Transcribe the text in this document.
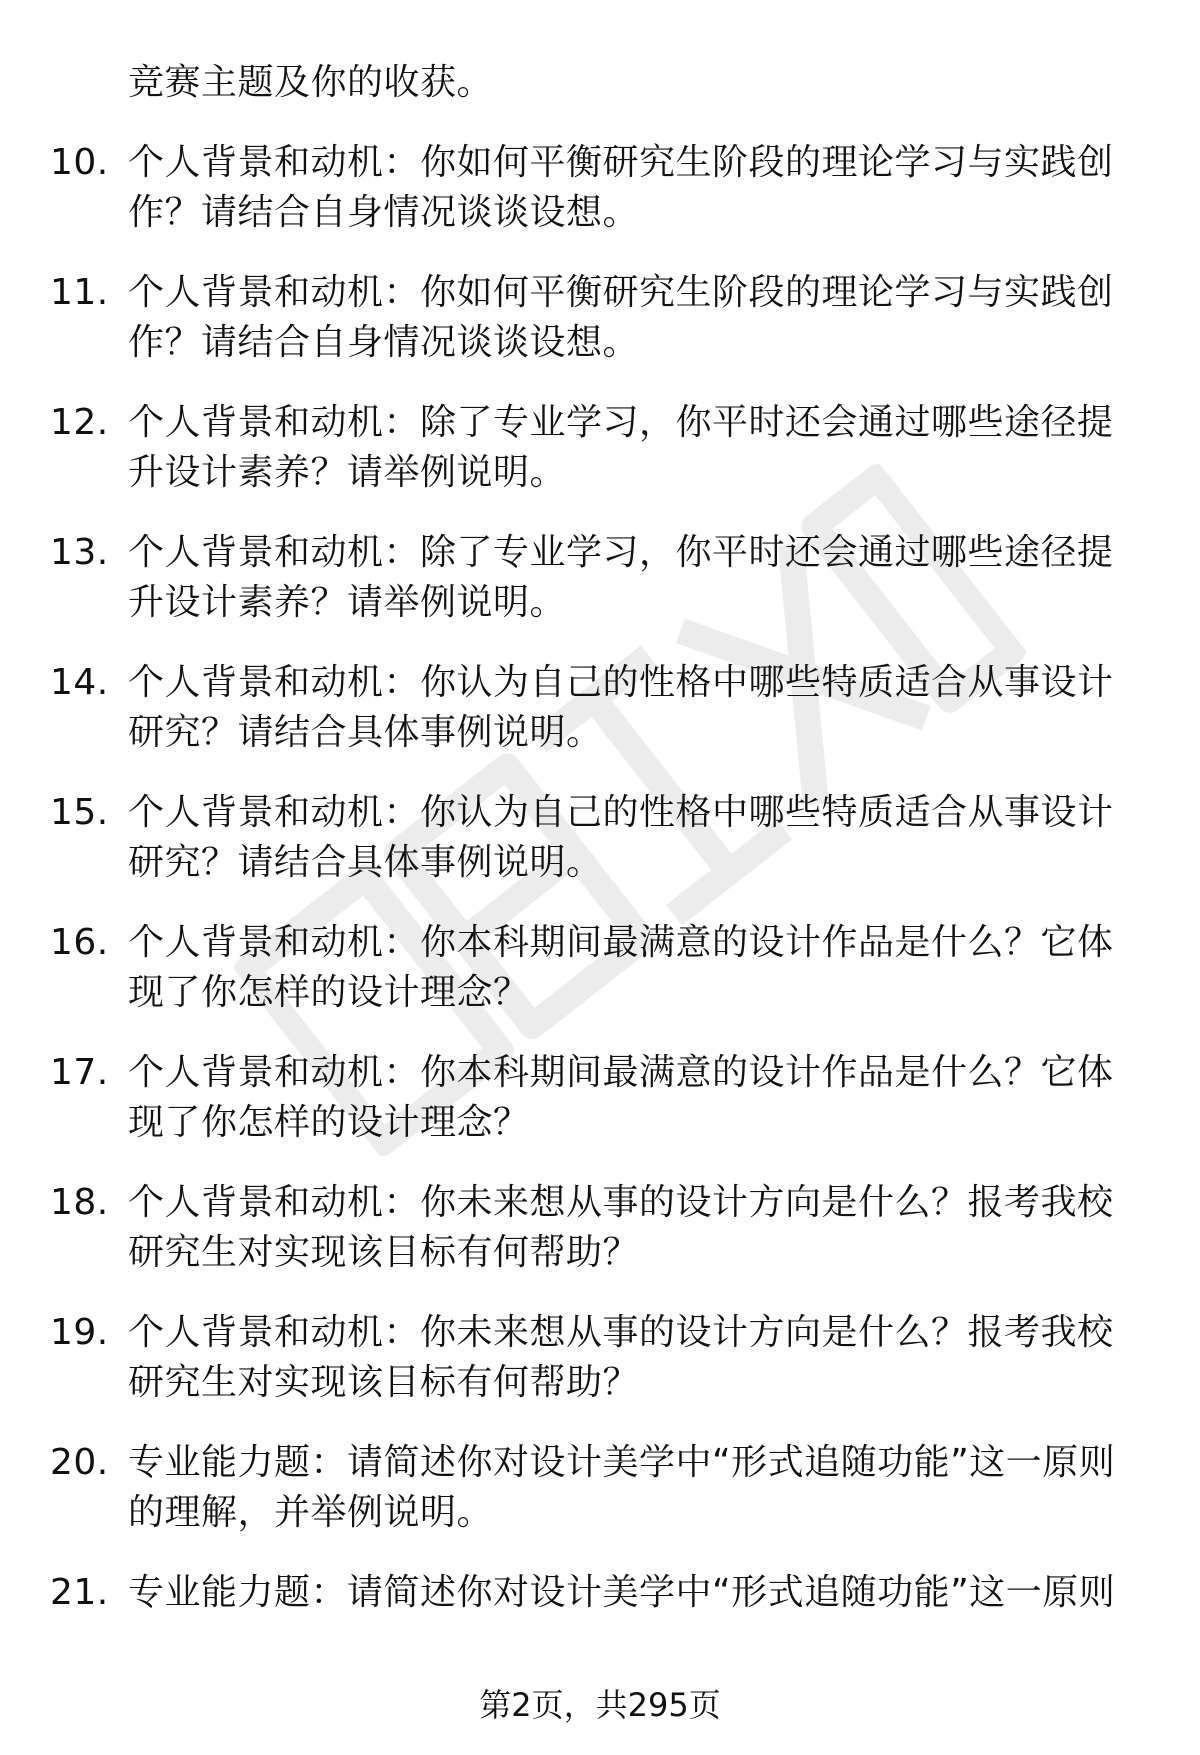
竞赛主题及你的收获。
10. 个人背景和动机：你如何平衡研究生阶段的理论学习与实践创作？请结合自身情况谈谈设想。
11. 个人背景和动机：你如何平衡研究生阶段的理论学习与实践创作？请结合自身情况谈谈设想。
12. 个人背景和动机：除了专业学习，你平时还会通过哪些途径提升设计素养？请举例说明。
13. 个人背景和动机：除了专业学习，你平时还会通过哪些途径提升设计素养？请举例说明。
14. 个人背景和动机：你认为自己的性格中哪些特质适合从事设计研究？请结合具体事例说明。
15. 个人背景和动机：你认为自己的性格中哪些特质适合从事设计研究？请结合具体事例说明。
16. 个人背景和动机：你本科期间最满意的设计作品是什么？它体现了你怎样的设计理念？
17. 个人背景和动机：你本科期间最满意的设计作品是什么？它体现了你怎样的设计理念？
18. 个人背景和动机：你未来想从事的设计方向是什么？报考我校研究生对实现该目标有何帮助？
19. 个人背景和动机：你未来想从事的设计方向是什么？报考我校研究生对实现该目标有何帮助？
20. 专业能力题：请简述你对设计美学中“形式追随功能”这一原则的理解，并举例说明。
21. 专业能力题：请简述你对设计美学中“形式追随功能”这一原则
第2页，共295页
